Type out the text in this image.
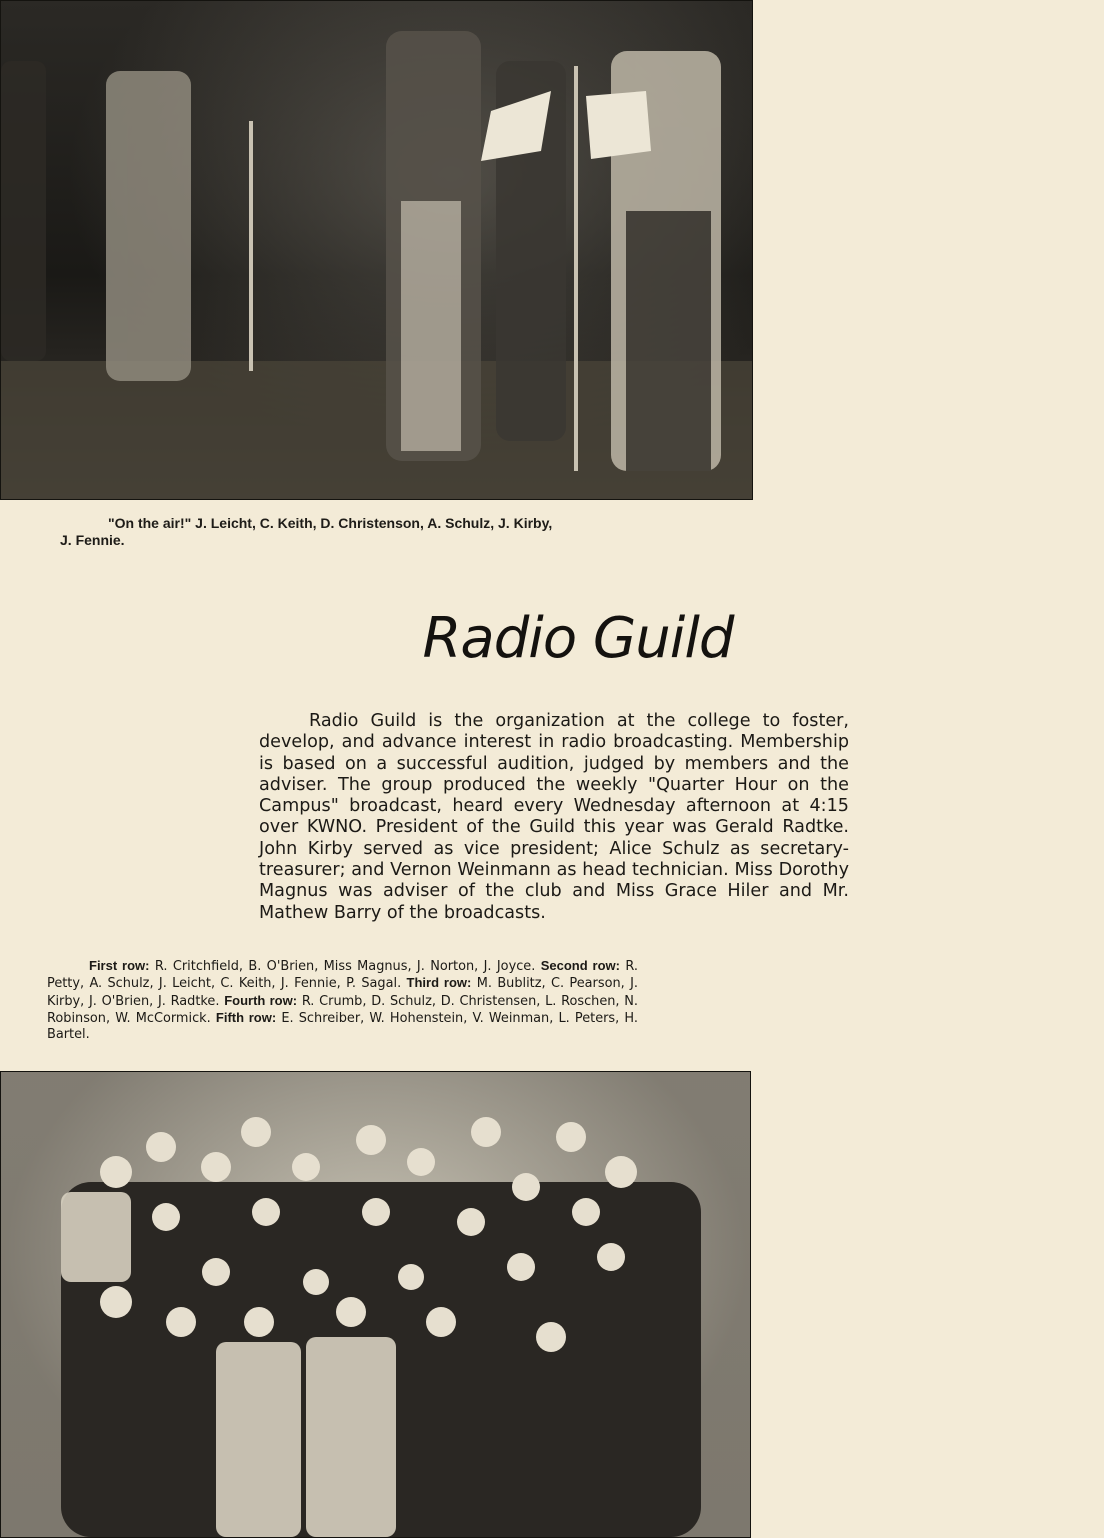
"On the air!" J. Leicht, C. Keith, D. Christenson, A. Schulz, J. Kirby,
J. Fennie.
Radio Guild

Radio Guild is the organization at the college to foster, develop, and advance interest in radio broadcasting. Membership is based on a successful audition, judged by members and the adviser. The group produced the weekly "Quarter Hour on the Campus" broadcast, heard every Wednesday afternoon at 4:15 over KWNO. President of the Guild this year was Gerald Radtke. John Kirby served as vice president; Alice Schulz as secretary-treasurer; and Vernon Weinmann as head technician. Miss Dorothy Magnus was adviser of the club and Miss Grace Hiler and Mr. Mathew Barry of the broadcasts.

First row: R. Critchfield, B. O'Brien, Miss Magnus, J. Norton, J. Joyce. Second row: R. Petty, A. Schulz, J. Leicht, C. Keith, J. Fennie, P. Sagal. Third row: M. Bublitz, C. Pearson, J. Kirby, J. O'Brien, J. Radtke. Fourth row: R. Crumb, D. Schulz, D. Christensen, L. Roschen, N. Robinson, W. McCormick. Fifth row: E. Schreiber, W. Hohenstein, V. Weinman, L. Peters, H. Bartel.
